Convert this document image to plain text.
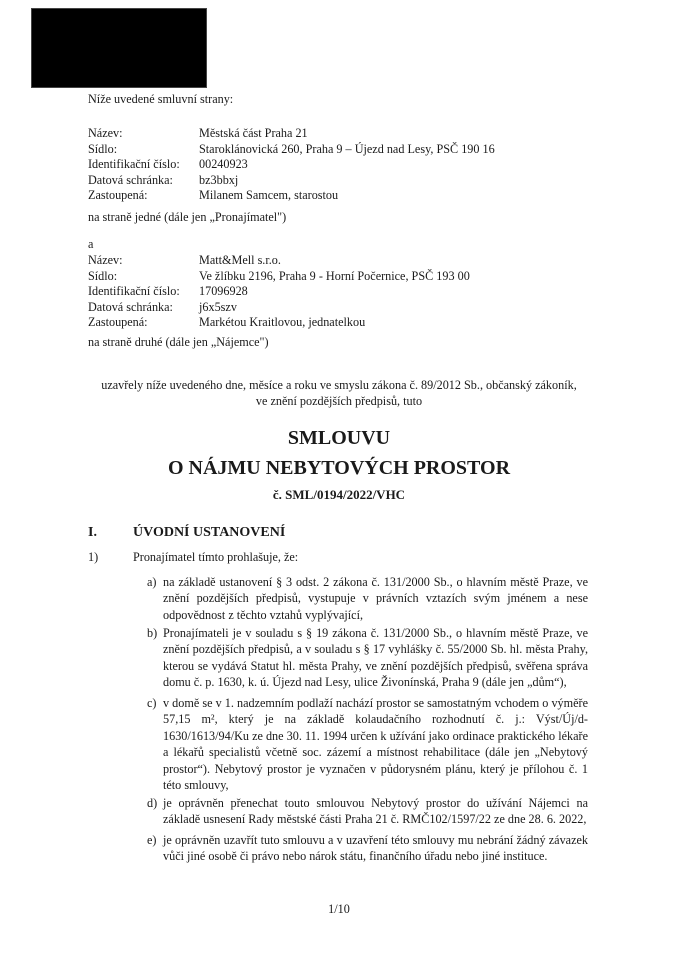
Níže uvedené smluvní strany:
Název:	Městská část Praha 21
Sídlo:	Staroklánovická 260, Praha 9 – Újezd nad Lesy, PSČ 190 16
Identifikační číslo:	00240923
Datová schránka:	bz3bbxj
Zastoupená:	Milanem Samcem, starostou
na straně jedné (dále jen „Pronajímatel")
a
Název:	Matt&Mell s.r.o.
Sídlo:	Ve žlíbku 2196, Praha 9 - Horní Počernice, PSČ 193 00
Identifikační číslo:	17096928
Datová schránka:	j6x5szv
Zastoupená:	Markétou Kraitlovou, jednatelkou
na straně druhé (dále jen „Nájemce")
uzavřely níže uvedeného dne, měsíce a roku ve smyslu zákona č. 89/2012 Sb., občanský zákoník,
ve znění pozdějších předpisů, tuto
SMLOUVU
O NÁJMU NEBYTOVÝCH PROSTOR
č. SML/0194/2022/VHC
I.	ÚVODNÍ USTANOVENÍ
1)	Pronajímatel tímto prohlašuje, že:
a) na základě ustanovení § 3 odst. 2 zákona č. 131/2000 Sb., o hlavním městě Praze, ve znění pozdějších předpisů, vystupuje v právních vztazích svým jménem a nese odpovědnost z těchto vztahů vyplývající,
b) Pronajímateli je v souladu s § 19 zákona č. 131/2000 Sb., o hlavním městě Praze, ve znění pozdějších předpisů, a v souladu s § 17 vyhlášky č. 55/2000 Sb. hl. města Prahy, kterou se vydává Statut hl. města Prahy, ve znění pozdějších předpisů, svěřena správa domu č. p. 1630, k. ú. Újezd nad Lesy, ulice Živonínská, Praha 9 (dále jen „dům“),
c) v domě se v 1. nadzemním podlaží nachází prostor se samostatným vchodem o výměře 57,15 m², který je na základě kolaudačního rozhodnutí č. j.: Výst/Új/d-1630/1613/94/Ku ze dne 30. 11. 1994 určen k užívání jako ordinace praktického lékaře a lékařů specialistů včetně soc. zázemí a místnost rehabilitace (dále jen „Nebytový prostor“). Nebytový prostor je vyznačen v půdorysném plánu, který je přílohou č. 1 této smlouvy,
d) je oprávněn přenechat touto smlouvou Nebytový prostor do užívání Nájemci na základě usnesení Rady městské části Praha 21 č. RMČ102/1597/22 ze dne 28. 6. 2022,
e) je oprávněn uzavřít tuto smlouvu a v uzavření této smlouvy mu nebrání žádný závazek vůči jiné osobě či právo nebo nárok státu, finančního úřadu nebo jiné instituce.
1/10
